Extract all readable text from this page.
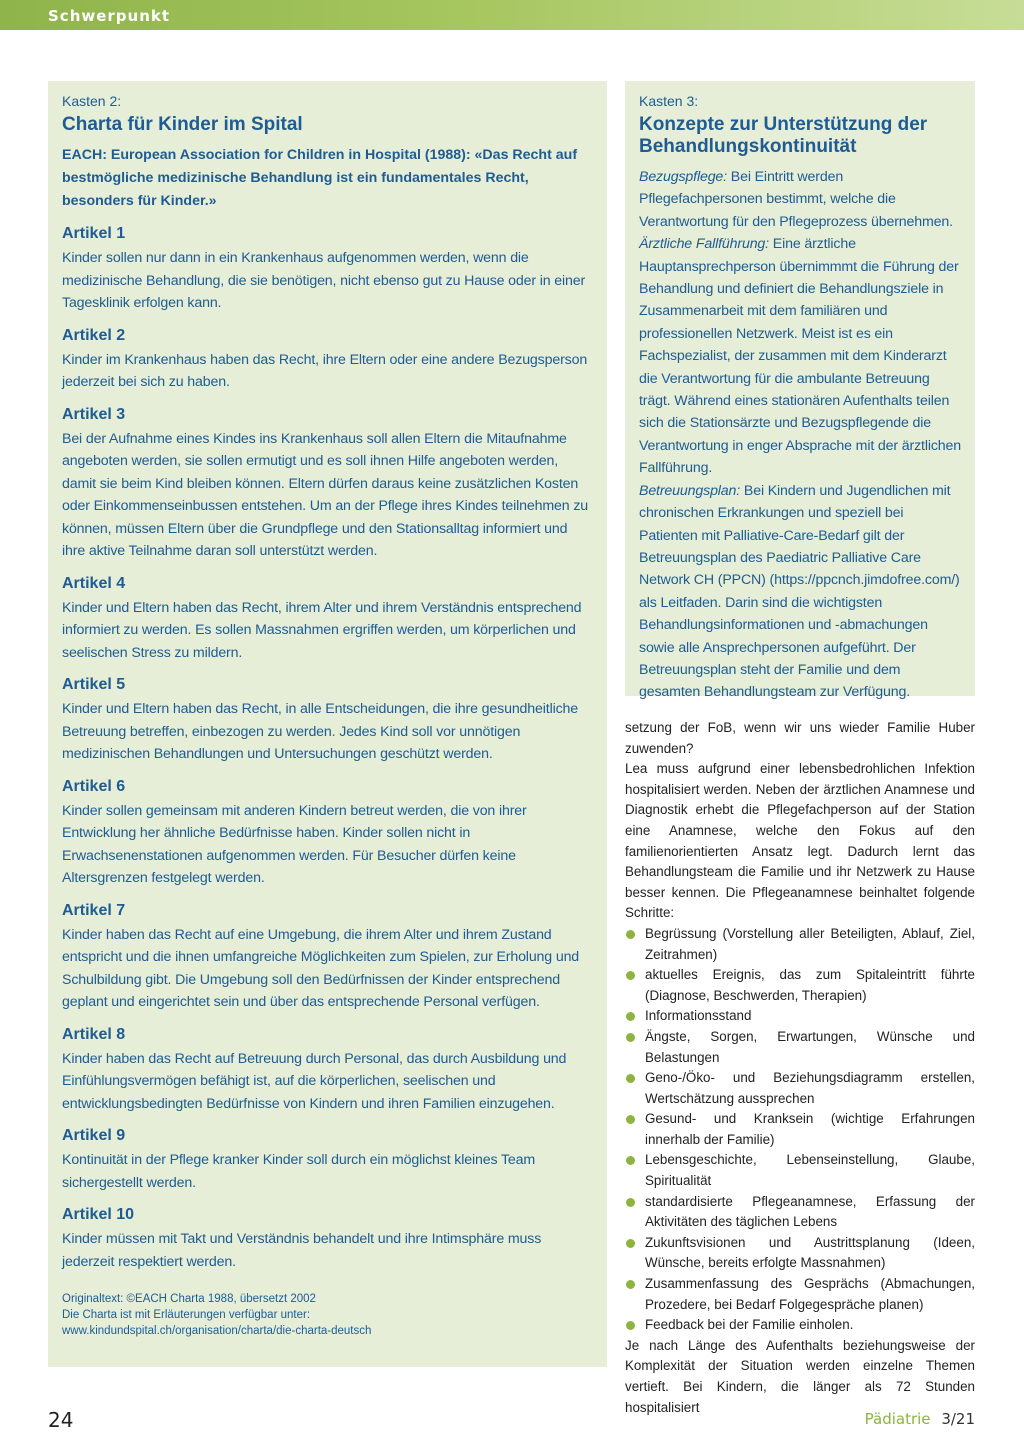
Schwerpunkt
Kasten 2:
Charta für Kinder im Spital
EACH: European Association for Children in Hospital (1988): «Das Recht auf bestmögliche medizinische Behandlung ist ein fundamentales Recht, besonders für Kinder.»
Artikel 1
Kinder sollen nur dann in ein Krankenhaus aufgenommen werden, wenn die medizinische Behandlung, die sie benötigen, nicht ebenso gut zu Hause oder in einer Tagesklinik erfolgen kann.
Artikel 2
Kinder im Krankenhaus haben das Recht, ihre Eltern oder eine andere Bezugsperson jederzeit bei sich zu haben.
Artikel 3
Bei der Aufnahme eines Kindes ins Krankenhaus soll allen Eltern die Mitaufnahme angeboten werden, sie sollen ermutigt und es soll ihnen Hilfe angeboten werden, damit sie beim Kind bleiben können. Eltern dürfen daraus keine zusätzlichen Kosten oder Einkommenseinbussen entstehen. Um an der Pflege ihres Kindes teilnehmen zu können, müssen Eltern über die Grundpflege und den Stationsalltag informiert und ihre aktive Teilnahme daran soll unterstützt werden.
Artikel 4
Kinder und Eltern haben das Recht, ihrem Alter und ihrem Verständnis entsprechend informiert zu werden. Es sollen Massnahmen ergriffen werden, um körperlichen und seelischen Stress zu mildern.
Artikel 5
Kinder und Eltern haben das Recht, in alle Entscheidungen, die ihre gesundheitliche Betreuung betreffen, einbezogen zu werden. Jedes Kind soll vor unnötigen medizinischen Behandlungen und Untersuchungen geschützt werden.
Artikel 6
Kinder sollen gemeinsam mit anderen Kindern betreut werden, die von ihrer Entwicklung her ähnliche Bedürfnisse haben. Kinder sollen nicht in Erwachsenenstationen aufgenommen werden. Für Besucher dürfen keine Altersgrenzen festgelegt werden.
Artikel 7
Kinder haben das Recht auf eine Umgebung, die ihrem Alter und ihrem Zustand entspricht und die ihnen umfangreiche Möglichkeiten zum Spielen, zur Erholung und Schulbildung gibt. Die Umgebung soll den Bedürfnissen der Kinder entsprechend geplant und eingerichtet sein und über das entsprechende Personal verfügen.
Artikel 8
Kinder haben das Recht auf Betreuung durch Personal, das durch Ausbildung und Einfühlungsvermögen befähigt ist, auf die körperlichen, seelischen und entwicklungsbedingten Bedürfnisse von Kindern und ihren Familien einzugehen.
Artikel 9
Kontinuität in der Pflege kranker Kinder soll durch ein möglichst kleines Team sichergestellt werden.
Artikel 10
Kinder müssen mit Takt und Verständnis behandelt und ihre Intimsphäre muss jederzeit respektiert werden.
Originaltext: ©EACH Charta 1988, übersetzt 2002
Die Charta ist mit Erläuterungen verfügbar unter:
www.kindundspital.ch/organisation/charta/die-charta-deutsch
Kasten 3:
Konzepte zur Unterstützung der Behandlungskontinuität
Bezugspflege: Bei Eintritt werden Pflegefachpersonen bestimmt, welche die Verantwortung für den Pflegeprozess übernehmen.
Ärztliche Fallführung: Eine ärztliche Hauptansprechperson übernimmmt die Führung der Behandlung und definiert die Behandlungsziele in Zusammenarbeit mit dem familiären und professionellen Netzwerk. Meist ist es ein Fachspezialist, der zusammen mit dem Kinderarzt die Verantwortung für die ambulante Betreuung trägt. Während eines stationären Aufenthalts teilen sich die Stationsärzte und Bezugspflegende die Verantwortung in enger Absprache mit der ärztlichen Fallführung.
Betreuungsplan: Bei Kindern und Jugendlichen mit chronischen Erkrankungen und speziell bei Patienten mit Palliative-Care-Bedarf gilt der Betreuungsplan des Paediatric Palliative Care Network CH (PPCN) (https://ppcnch.jimdofree.com/) als Leitfaden. Darin sind die wichtigsten Behandlungsinformationen und -abmachungen sowie alle Ansprechpersonen aufgeführt. Der Betreuungsplan steht der Familie und dem gesamten Behandlungsteam zur Verfügung.

setzung der FoB, wenn wir uns wieder Familie Huber zuwenden?

Lea muss aufgrund einer lebensbedrohlichen Infektion hospitalisiert werden. Neben der ärztlichen Anamnese und Diagnostik erhebt die Pflegefachperson auf der Station eine Anamnese, welche den Fokus auf den familienorientierten Ansatz legt. Dadurch lernt das Behandlungsteam die Familie und ihr Netzwerk zu Hause besser kennen. Die Pflegeanamnese beinhaltet folgende Schritte:

Begrüssung (Vorstellung aller Beteiligten, Ablauf, Ziel, Zeitrahmen)
aktuelles Ereignis, das zum Spitaleintritt führte (Diagnose, Beschwerden, Therapien)
Informationsstand
Ängste, Sorgen, Erwartungen, Wünsche und Belastungen
Geno-/Öko- und Beziehungsdiagramm erstellen, Wertschätzung aussprechen
Gesund- und Kranksein (wichtige Erfahrungen innerhalb der Familie)
Lebensgeschichte, Lebenseinstellung, Glaube, Spiritualität
standardisierte Pflegeanamnese, Erfassung der Aktivitäten des täglichen Lebens
Zukunftsvisionen und Austrittsplanung (Ideen, Wünsche, bereits erfolgte Massnahmen)
Zusammenfassung des Gesprächs (Abmachungen, Prozedere, bei Bedarf Folgegespräche planen)
Feedback bei der Familie einholen.

Je nach Länge des Aufenthalts beziehungsweise der Komplexität der Situation werden einzelne Themen vertieft. Bei Kindern, die länger als 72 Stunden hospitalisiert

24	Pädiatrie 3/21
